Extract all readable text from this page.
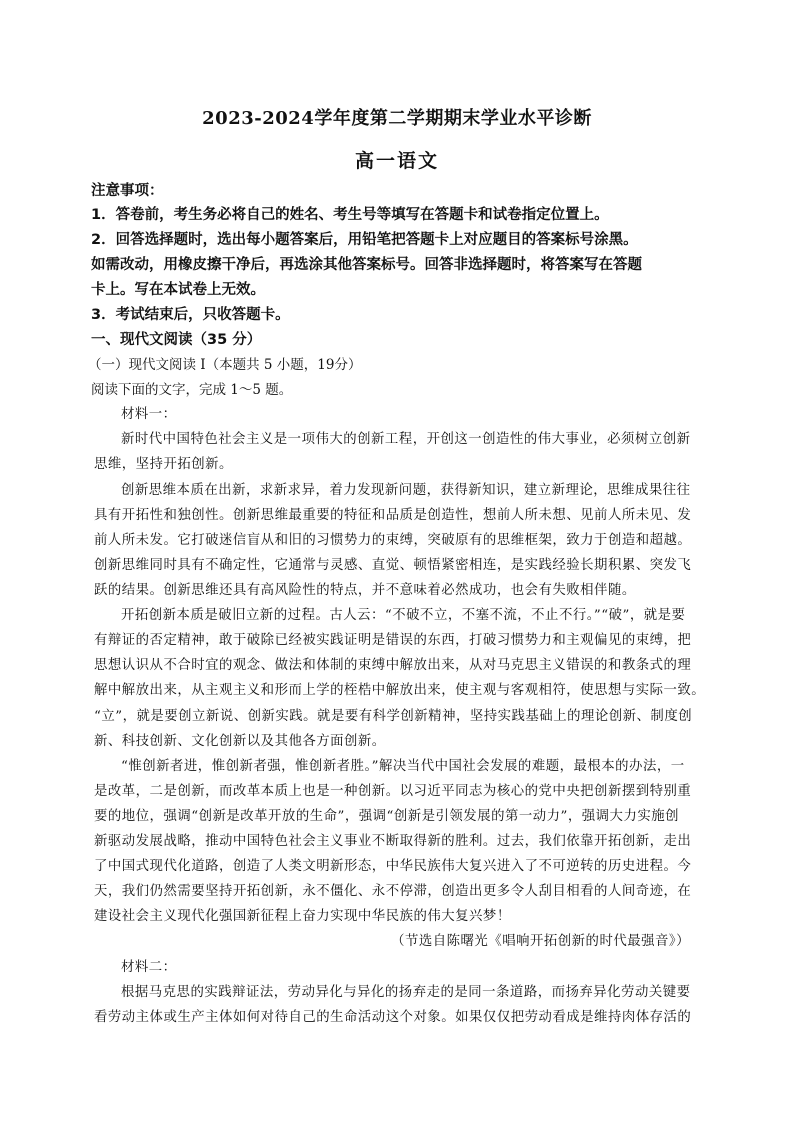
2023-2024学年度第二学期期末学业水平诊断
高一语文
注意事项：
1．答卷前，考生务必将自己的姓名、考生号等填写在答题卡和试卷指定位置上。
2．回答选择题时，选出每小题答案后，用铅笔把答题卡上对应题目的答案标号涂黑。
如需改动，用橡皮擦干净后，再选涂其他答案标号。回答非选择题时，将答案写在答题
卡上。写在本试卷上无效。
3．考试结束后，只收答题卡。
一、现代文阅读（35 分）
（一）现代文阅读 I（本题共 5 小题，19分）
阅读下面的文字，完成 1～5 题。
材料一：
新时代中国特色社会主义是一项伟大的创新工程，开创这一创造性的伟大事业，必须树立创新
思维，坚持开拓创新。
创新思维本质在出新，求新求异，着力发现新问题，获得新知识，建立新理论，思维成果往往
具有开拓性和独创性。创新思维最重要的特征和品质是创造性，想前人所未想、见前人所未见、发
前人所未发。它打破迷信盲从和旧的习惯势力的束缚，突破原有的思维框架，致力于创造和超越。
创新思维同时具有不确定性，它通常与灵感、直觉、顿悟紧密相连，是实践经验长期积累、突发飞
跃的结果。创新思维还具有高风险性的特点，并不意味着必然成功，也会有失败相伴随。
开拓创新本质是破旧立新的过程。古人云：“不破不立，不塞不流，不止不行。”“破”，就是要
有辩证的否定精神，敢于破除已经被实践证明是错误的东西，打破习惯势力和主观偏见的束缚，把
思想认识从不合时宜的观念、做法和体制的束缚中解放出来，从对马克思主义错误的和教条式的理
解中解放出来，从主观主义和形而上学的桎梏中解放出来，使主观与客观相符，使思想与实际一致。
“立”，就是要创立新说、创新实践。就是要有科学创新精神，坚持实践基础上的理论创新、制度创
新、科技创新、文化创新以及其他各方面创新。
“惟创新者进，惟创新者强，惟创新者胜。”解决当代中国社会发展的难题，最根本的办法，一
是改革，二是创新，而改革本质上也是一种创新。以习近平同志为核心的党中央把创新摆到特别重
要的地位，强调“创新是改革开放的生命”，强调“创新是引领发展的第一动力”，强调大力实施创
新驱动发展战略，推动中国特色社会主义事业不断取得新的胜利。过去，我们依靠开拓创新，走出
了中国式现代化道路，创造了人类文明新形态，中华民族伟大复兴进入了不可逆转的历史进程。今
天，我们仍然需要坚持开拓创新，永不僵化、永不停滞，创造出更多令人刮目相看的人间奇迹，在
建设社会主义现代化强国新征程上奋力实现中华民族的伟大复兴梦！
（节选自陈曙光《唱响开拓创新的时代最强音》）
材料二：
根据马克思的实践辩证法，劳动异化与异化的扬弃走的是同一条道路，而扬弃异化劳动关键要
看劳动主体或生产主体如何对待自己的生命活动这个对象。如果仅仅把劳动看成是维持肉体存活的
